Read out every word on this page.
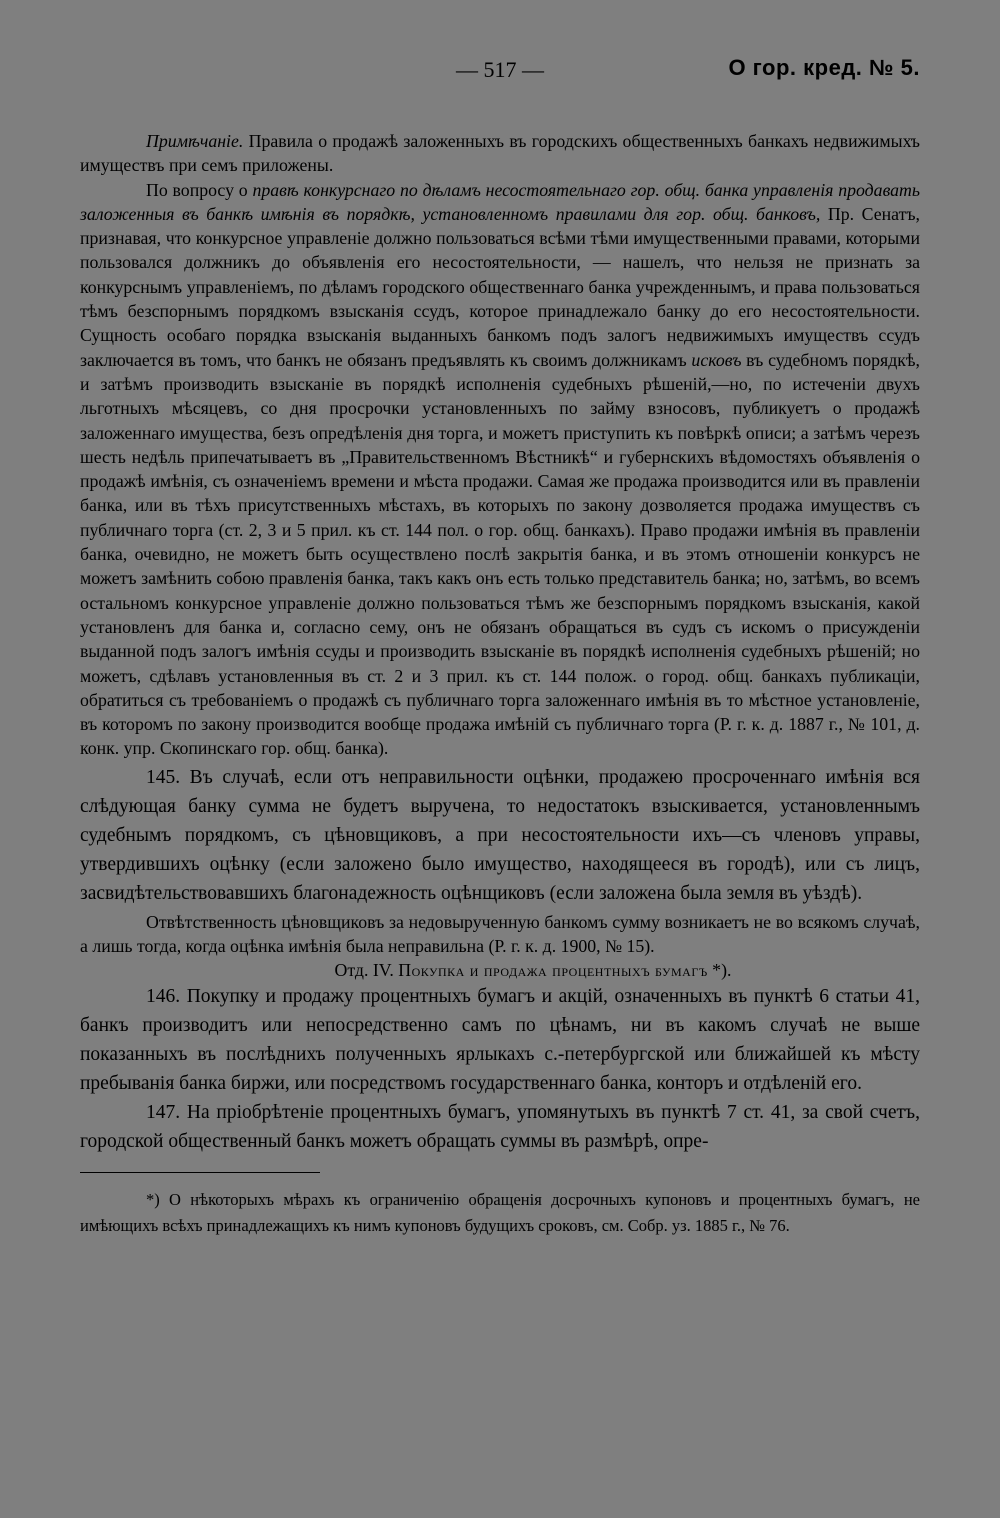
— 517 —	О гор. кред. № 5.

Примѣчаніе. Правила о продажѣ заложенныхъ въ городскихъ общественныхъ банкахъ недвижимыхъ имуществъ при семъ приложены.

По вопросу о правѣ конкурснаго по дѣламъ несостоятельнаго гор. общ. банка управленія продавать заложенныя въ банкѣ имѣнія въ порядкѣ, установленномъ правилами для гор. общ. банковъ, Пр. Сенатъ, признавая, что конкурсное управленіе должно пользоваться всѣми тѣми имущественными правами, которыми пользовался должникъ до объявленія его несостоятельности, — нашелъ, что нельзя не признать за конкурснымъ управленіемъ, по дѣламъ городского общественнаго банка учрежденнымъ, и права пользоваться тѣмъ безспорнымъ порядкомъ взысканія ссудъ, которое принадлежало банку до его несостоятельности. Сущность особаго порядка взысканія выданныхъ банкомъ подъ залогъ недвижимыхъ имуществъ ссудъ заключается въ томъ, что банкъ не обязанъ предъявлять къ своимъ должникамъ исковъ въ судебномъ порядкѣ, и затѣмъ производить взысканіе въ порядкѣ исполненія судебныхъ рѣшеній,—но, по истеченіи двухъ льготныхъ мѣсяцевъ, со дня просрочки установленныхъ по займу взносовъ, публикуетъ о продажѣ заложеннаго имущества, безъ опредѣленія дня торга, и можетъ приступить къ повѣркѣ описи; а затѣмъ черезъ шесть недѣль припечатываетъ въ „Правительственномъ Вѣстникѣ“ и губернскихъ вѣдомостяхъ объявленія о продажѣ имѣнія, съ означеніемъ времени и мѣста продажи. Самая же продажа производится или въ правленіи банка, или въ тѣхъ присутственныхъ мѣстахъ, въ которыхъ по закону дозволяется продажа имуществъ съ публичнаго торга (ст. 2, 3 и 5 прил. къ ст. 144 пол. о гор. общ. банкахъ). Право продажи имѣнія въ правленіи банка, очевидно, не можетъ быть осуществлено послѣ закрытія банка, и въ этомъ отношеніи конкурсъ не можетъ замѣнить собою правленія банка, такъ какъ онъ есть только представитель банка; но, затѣмъ, во всемъ остальномъ конкурсное управленіе должно пользоваться тѣмъ же безспорнымъ порядкомъ взысканія, какой установленъ для банка и, согласно сему, онъ не обязанъ обращаться въ судъ съ искомъ о присужденіи выданной подъ залогъ имѣнія ссуды и производить взысканіе въ порядкѣ исполненія судебныхъ рѣшеній; но можетъ, сдѣлавъ установленныя въ ст. 2 и 3 прил. къ ст. 144 полож. о город. общ. банкахъ публикаціи, обратиться съ требованіемъ о продажѣ съ публичнаго торга заложеннаго имѣнія въ то мѣстное установленіе, въ которомъ по закону производится вообще продажа имѣній съ публичнаго торга (Р. г. к. д. 1887 г., № 101, д. конк. упр. Скопинскаго гор. общ. банка).

145. Въ случаѣ, если отъ неправильности оцѣнки, продажею просроченнаго имѣнія вся слѣдующая банку сумма не будетъ выручена, то недостатокъ взыскивается, установленнымъ судебнымъ порядкомъ, съ цѣновщиковъ, а при несостоятельности ихъ—съ членовъ управы, утвердившихъ оцѣнку (если заложено было имущество, находящееся въ городѣ), или съ лицъ, засвидѣтельствовавшихъ благонадежность оцѣнщиковъ (если заложена была земля въ уѣздѣ).

Отвѣтственность цѣновщиковъ за недовырученную банкомъ сумму возникаетъ не во всякомъ случаѣ, а лишь тогда, когда оцѣнка имѣнія была неправильна (Р. г. к. д. 1900, № 15).

Отд. IV. Покупка и продажа процентныхъ бумагъ *).

146. Покупку и продажу процентныхъ бумагъ и акцій, означенныхъ въ пунктѣ 6 статьи 41, банкъ производитъ или непосредственно самъ по цѣнамъ, ни въ какомъ случаѣ не выше показанныхъ въ послѣднихъ полученныхъ ярлыкахъ с.-петербургской или ближайшей къ мѣсту пребыванія банка биржи, или посредствомъ государственнаго банка, конторъ и отдѣленій его.

147. На пріобрѣтеніе процентныхъ бумагъ, упомянутыхъ въ пунктѣ 7 ст. 41, за свой счетъ, городской общественный банкъ можетъ обращать суммы въ размѣрѣ, опре-

*) О нѣкоторыхъ мѣрахъ къ ограниченію обращенія досрочныхъ купоновъ и процентныхъ бумагъ, не имѣющихъ всѣхъ принадлежащихъ къ нимъ купоновъ будущихъ сроковъ, см. Собр. уз. 1885 г., № 76.
